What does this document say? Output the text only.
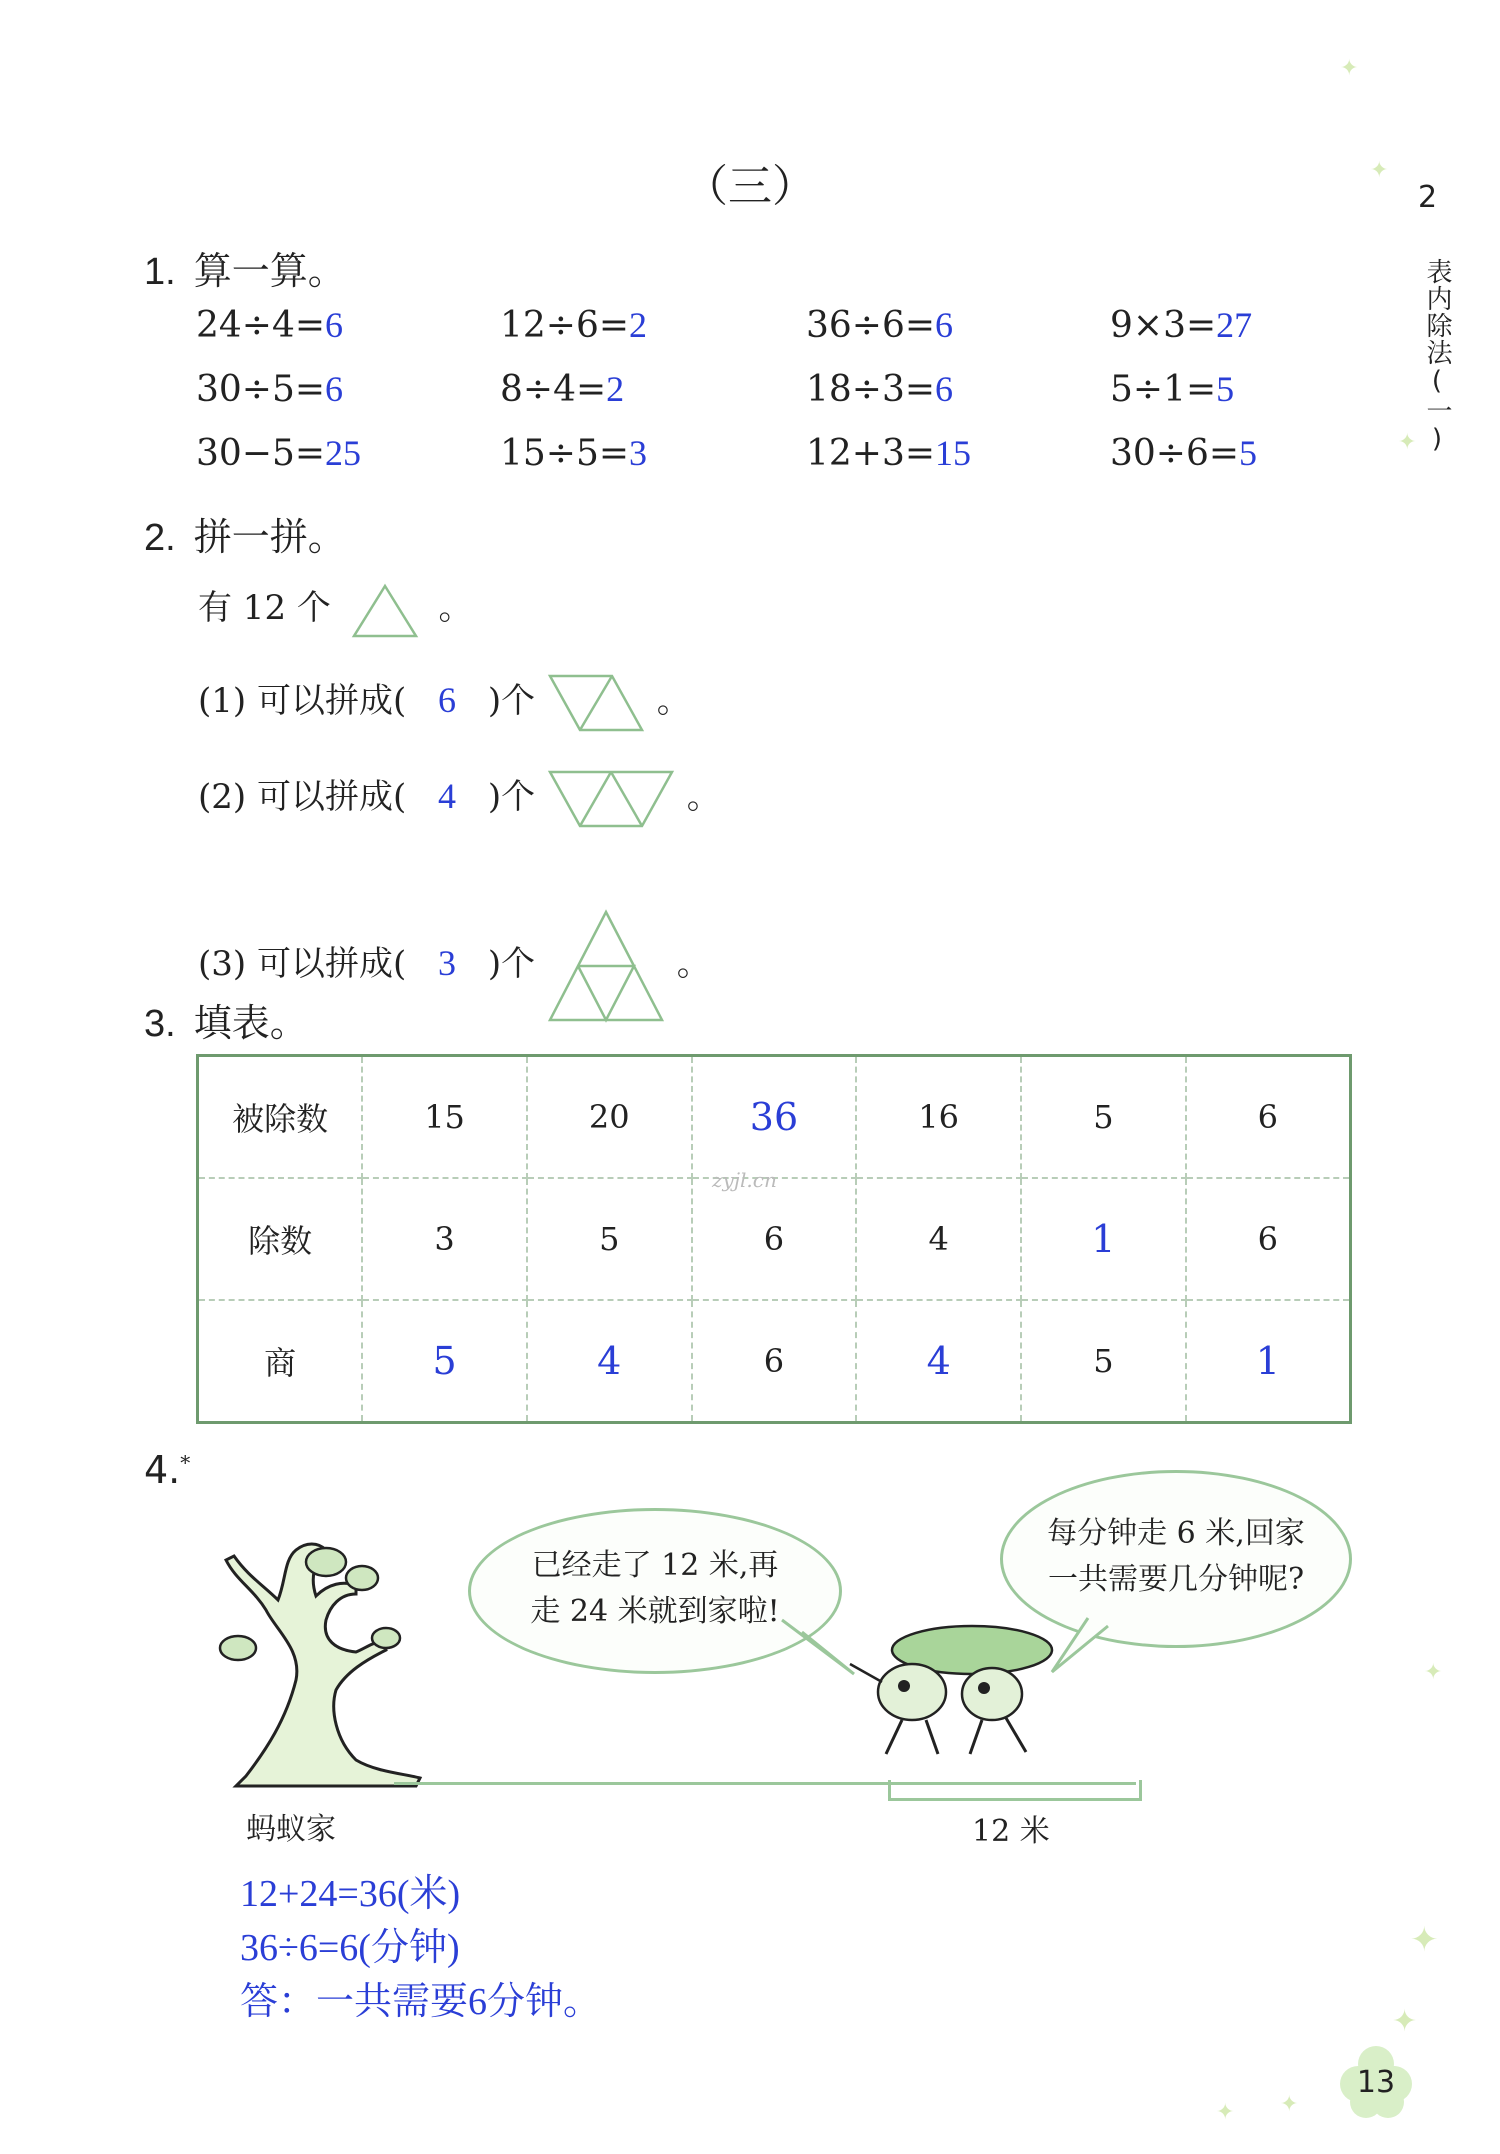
（三）	2
表内除法(一)
1. 算一算。
24÷4=6	12÷6=2	36÷6=6	9×3=27
30÷5=6	8÷4=2	18÷3=6	5÷1=5
30−5=25	15÷5=3	12+3=15	30÷6=5
2. 拼一拼。
有 12 个	。
(1) 可以拼成( 6 )个	。
(2) 可以拼成( 4 )个	。
(3) 可以拼成( 3 )个	。
3. 填表。
被除数	15	20	36	16	5	6
除数	3	5	6	4	1	6
商	5	4	6	4	5	1
zyjl.cn
4.*
蚂蚁家
已经走了 12 米,再
走 24 米就到家啦!
每分钟走 6 米,回家
一共需要几分钟呢?
12 米
12+24=36(米)
36÷6=6(分钟)
答：一共需要6分钟。
13
✦
✦
✦
✦
✦
✦
✦
✦
